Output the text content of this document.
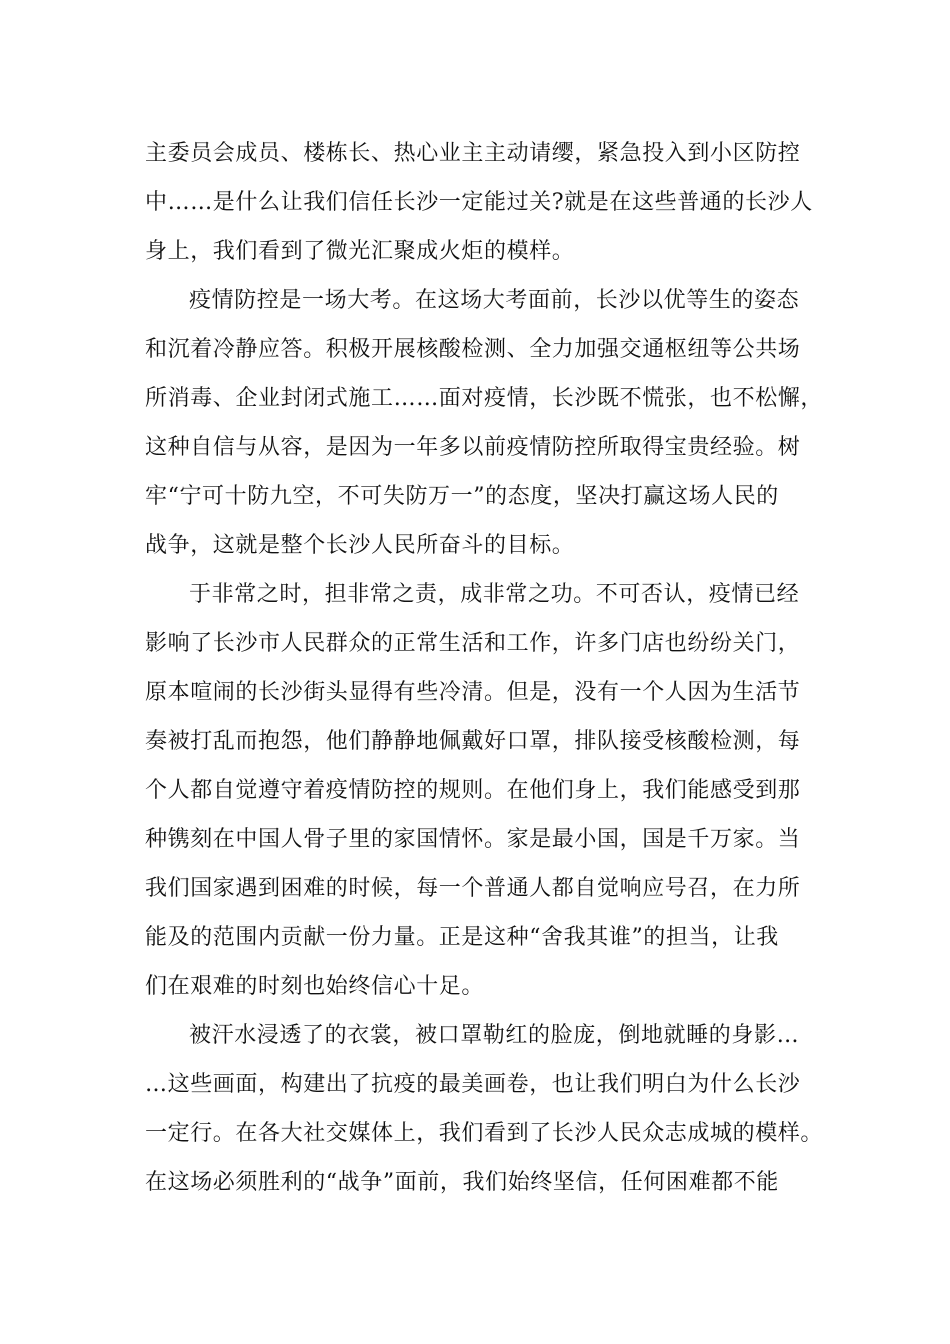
主委员会成员、楼栋长、热心业主主动请缨，紧急投入到小区防控
中……是什么让我们信任长沙一定能过关?就是在这些普通的长沙人
身上，我们看到了微光汇聚成火炬的模样。
疫情防控是一场大考。在这场大考面前，长沙以优等生的姿态
和沉着冷静应答。积极开展核酸检测、全力加强交通枢纽等公共场
所消毒、企业封闭式施工……面对疫情，长沙既不慌张，也不松懈，
这种自信与从容，是因为一年多以前疫情防控所取得宝贵经验。树
牢“宁可十防九空，不可失防万一”的态度，坚决打赢这场人民的
战争，这就是整个长沙人民所奋斗的目标。
于非常之时，担非常之责，成非常之功。不可否认，疫情已经
影响了长沙市人民群众的正常生活和工作，许多门店也纷纷关门，
原本喧闹的长沙街头显得有些冷清。但是，没有一个人因为生活节
奏被打乱而抱怨，他们静静地佩戴好口罩，排队接受核酸检测，每
个人都自觉遵守着疫情防控的规则。在他们身上，我们能感受到那
种镌刻在中国人骨子里的家国情怀。家是最小国，国是千万家。当
我们国家遇到困难的时候，每一个普通人都自觉响应号召，在力所
能及的范围内贡献一份力量。正是这种“舍我其谁”的担当，让我
们在艰难的时刻也始终信心十足。
被汗水浸透了的衣裳，被口罩勒红的脸庞，倒地就睡的身影…
…这些画面，构建出了抗疫的最美画卷，也让我们明白为什么长沙
一定行。在各大社交媒体上，我们看到了长沙人民众志成城的模样。
在这场必须胜利的“战争”面前，我们始终坚信，任何困难都不能
